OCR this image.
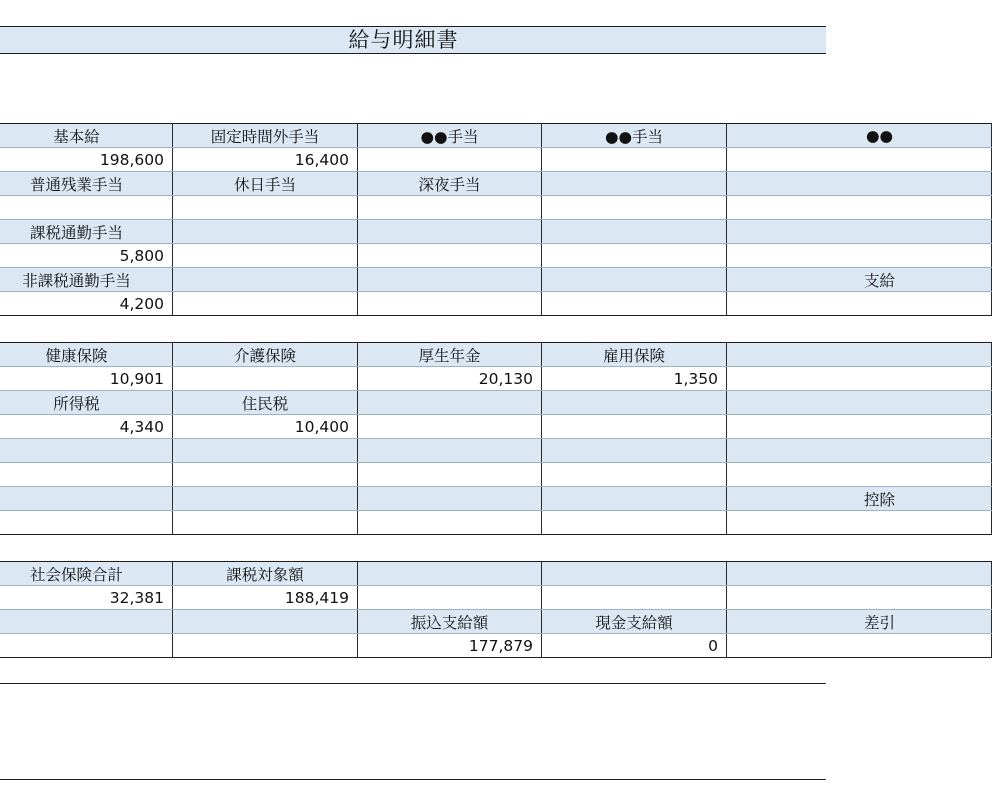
給与明細書
基本給	固定時間外手当	●●手当	●●手当	●●
198,600	16,400			
普通残業手当	休日手当	深夜手当		

課税通勤手当				
5,800				
非課税通勤手当				支給
4,200				
健康保険	介護保険	厚生年金	雇用保険	
10,901		20,130	1,350	
所得税	住民税			
4,340	10,400			

				控除

社会保険合計	課税対象額			
32,381	188,419			
		振込支給額	現金支給額	差引
		177,879	0	
